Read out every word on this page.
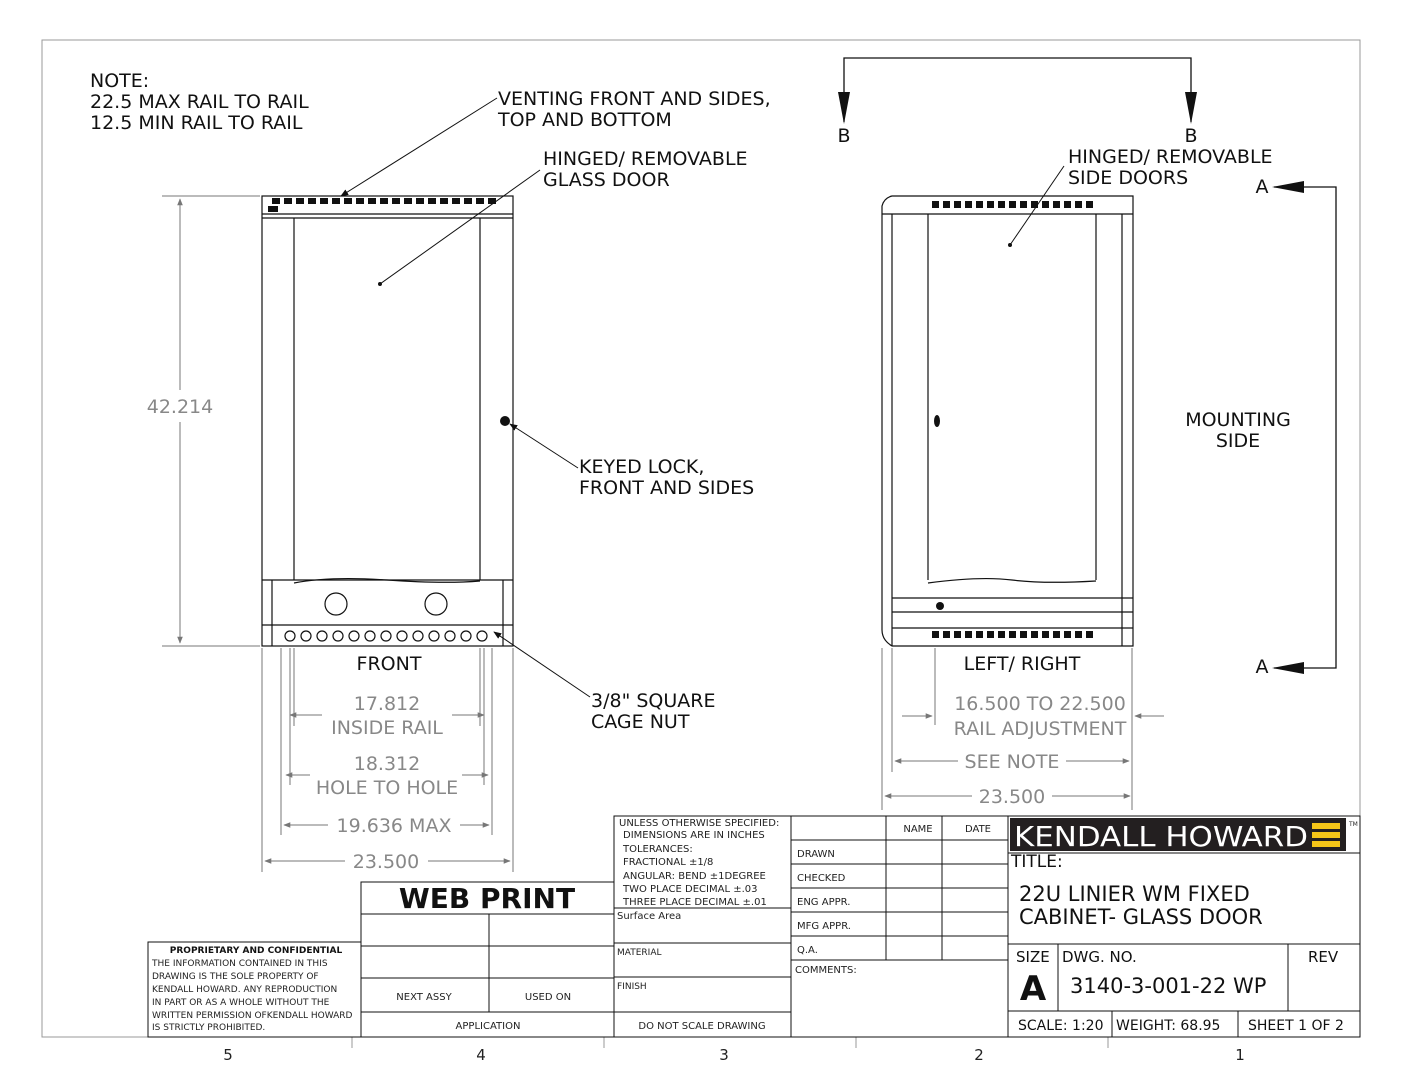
5	4	3	2	1
NOTE:
22.5 MAX RAIL TO RAIL
12.5 MIN RAIL TO RAIL
VENTING FRONT AND SIDES,
TOP AND BOTTOM
HINGED/ REMOVABLE
GLASS DOOR
KEYED LOCK,
FRONT AND SIDES
3/8" SQUARE
CAGE NUT
FRONT
42.214
17.812
INSIDE RAIL
18.312
HOLE TO HOLE
19.636 MAX
23.500
HINGED/ REMOVABLE
SIDE DOORS
B	B
A
A
MOUNTING
SIDE
LEFT/ RIGHT
16.500 TO 22.500
RAIL ADJUSTMENT
SEE NOTE
23.500
UNLESS OTHERWISE SPECIFIED:
DIMENSIONS ARE IN INCHES
TOLERANCES:
FRACTIONAL ±1/8
ANGULAR: BEND ±1DEGREE
TWO PLACE DECIMAL ±.03
THREE PLACE DECIMAL ±.01
Surface Area
MATERIAL
FINISH
DO NOT SCALE DRAWING
WEB PRINT
NEXT ASSY	USED ON
APPLICATION
NAME	DATE
DRAWN
CHECKED
ENG APPR.
MFG APPR.
Q.A.
COMMENTS:
KENDALL HOWARD	TM
TITLE:
22U LINIER WM FIXED
CABINET- GLASS DOOR
SIZE
A
DWG. NO.
3140-3-001-22 WP
REV
SCALE: 1:20 WEIGHT: 68.95 SHEET 1 OF 2
PROPRIETARY AND CONFIDENTIAL
THE INFORMATION CONTAINED IN THIS
DRAWING IS THE SOLE PROPERTY OF
KENDALL HOWARD. ANY REPRODUCTION
IN PART OR AS A WHOLE WITHOUT THE
WRITTEN PERMISSION OFKENDALL HOWARD
IS STRICTLY PROHIBITED.
